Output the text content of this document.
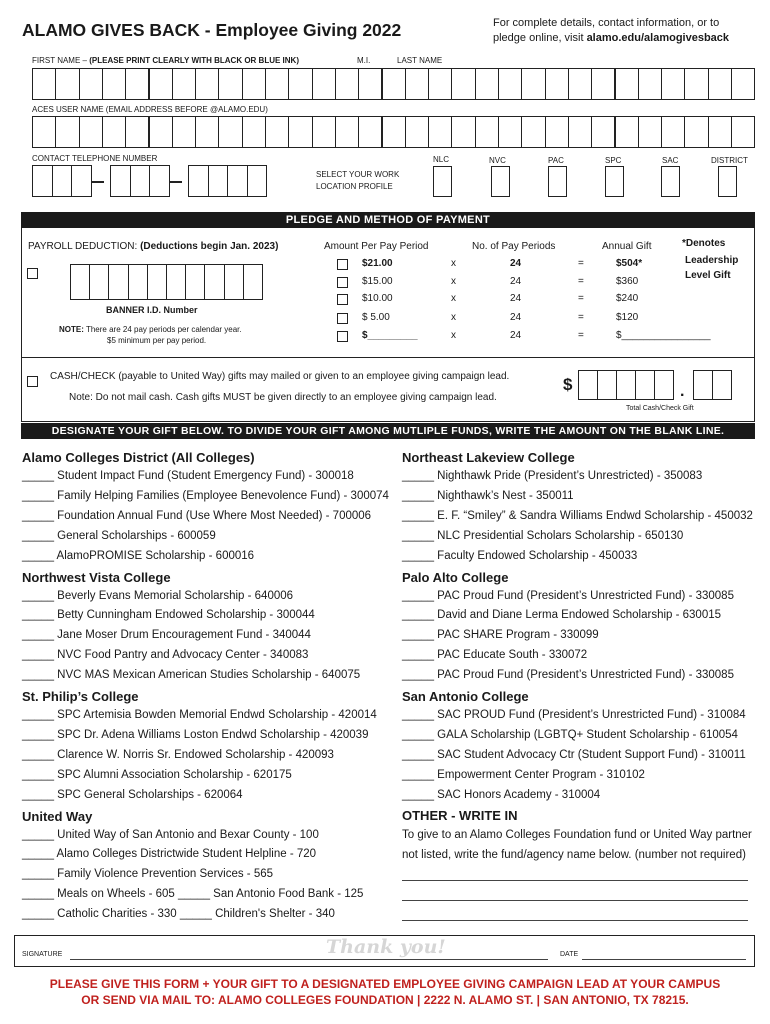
ALAMO GIVES BACK - Employee Giving 2022	For complete details, contact information, or to
pledge online, visit alamo.edu/alamogivesback
FIRST NAME – (PLEASE PRINT CLEARLY WITH BLACK OR BLUE INK)	M.I.	LAST NAME
ACES USER NAME (EMAIL ADDRESS BEFORE @ALAMO.EDU)
CONTACT TELEPHONE NUMBER
SELECT YOUR WORK
LOCATION PROFILE
NLC	NVC	PAC	SPC	SAC	DISTRICT
PLEDGE AND METHOD OF PAYMENT
PAYROLL DEDUCTION: (Deductions begin Jan. 2023)
BANNER I.D. Number
NOTE: There are 24 pay periods per calendar year.
$5 minimum per pay period.
Amount Per Pay Period	No. of Pay Periods	Annual Gift	*Denotes
Leadership
Level Gift
$21.00	x	24	=	$504*
$15.00	x	24	=	$360
$10.00	x	24	=	$240
$ 5.00	x	24	=	$120
$_________	x	24	=	$________________
CASH/CHECK (payable to United Way) gifts may mailed or given to an employee giving campaign lead.
Note: Do not mail cash. Cash gifts MUST be given directly to an employee giving campaign lead.
$	.
Total Cash/Check Gift
DESIGNATE YOUR GIFT BELOW. TO DIVIDE YOUR GIFT AMONG MUTLIPLE FUNDS, WRITE THE AMOUNT ON THE BLANK LINE.
Alamo Colleges District (All Colleges)
_____ Student Impact Fund (Student Emergency Fund) - 300018
_____ Family Helping Families (Employee Benevolence Fund) - 300074
_____ Foundation Annual Fund (Use Where Most Needed) - 700006
_____ General Scholarships - 600059
_____ AlamoPROMISE Scholarship - 600016
Northwest Vista College
_____ Beverly Evans Memorial Scholarship - 640006
_____ Betty Cunningham Endowed Scholarship - 300044
_____ Jane Moser Drum Encouragement Fund - 340044
_____ NVC Food Pantry and Advocacy Center - 340083
_____ NVC MAS Mexican American Studies Scholarship - 640075
St. Philip’s College
_____ SPC Artemisia Bowden Memorial Endwd Scholarship - 420014
_____ SPC Dr. Adena Williams Loston Endwd Scholarship - 420039
_____ Clarence W. Norris Sr. Endowed Scholarship - 420093
_____ SPC Alumni Association Scholarship - 620175
_____ SPC General Scholarships - 620064
United Way
_____ United Way of San Antonio and Bexar County - 100
_____ Alamo Colleges Districtwide Student Helpline - 720
_____ Family Violence Prevention Services - 565
_____ Meals on Wheels - 605 _____ San Antonio Food Bank - 125
_____ Catholic Charities - 330 _____ Children's Shelter - 340
Northeast Lakeview College
_____ Nighthawk Pride (President’s Unrestricted) - 350083
_____ Nighthawk’s Nest - 350011
_____ E. F. “Smiley” & Sandra Williams Endwd Scholarship - 450032
_____ NLC Presidential Scholars Scholarship - 650130
_____ Faculty Endowed Scholarship - 450033
Palo Alto College
_____ PAC Proud Fund (President’s Unrestricted Fund) - 330085
_____ David and Diane Lerma Endowed Scholarship - 630015
_____ PAC SHARE Program - 330099
_____ PAC Educate South - 330072
_____ PAC Proud Fund (President’s Unrestricted Fund) - 330085
San Antonio College
_____ SAC PROUD Fund (President’s Unrestricted Fund) - 310084
_____ GALA Scholarship (LGBTQ+ Student Scholarship - 610054
_____ SAC Student Advocacy Ctr (Student Support Fund) - 310011
_____ Empowerment Center Program - 310102
_____ SAC Honors Academy - 310004
OTHER - WRITE IN
To give to an Alamo Colleges Foundation fund or United Way partner
not listed, write the fund/agency name below. (number not required)
SIGNATURE	Thank you!	DATE
PLEASE GIVE THIS FORM + YOUR GIFT TO A DESIGNATED EMPLOYEE GIVING CAMPAIGN LEAD AT YOUR CAMPUS
OR SEND VIA MAIL TO: ALAMO COLLEGES FOUNDATION | 2222 N. ALAMO ST. | SAN ANTONIO, TX 78215.
